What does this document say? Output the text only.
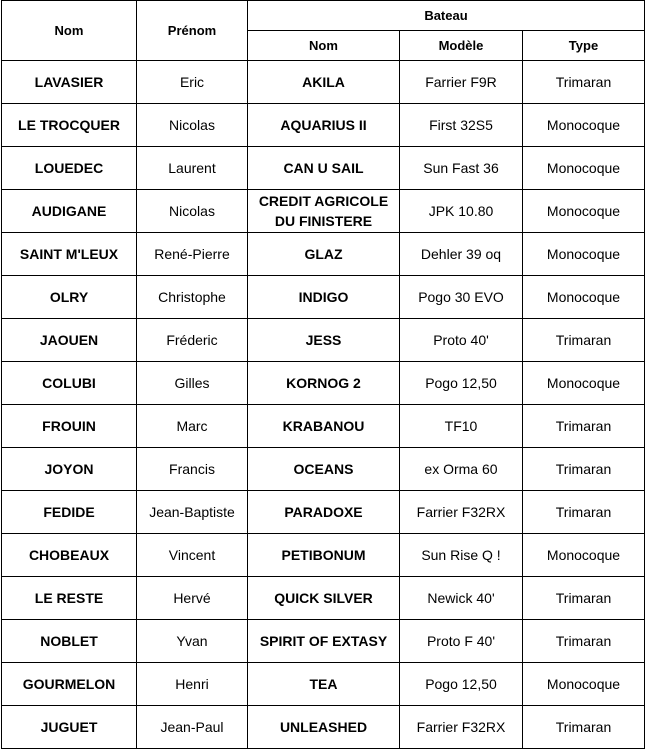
Nom	Prénom	Bateau		
		Nom	Modèle	Type
LAVASIER	Eric	AKILA	Farrier F9R	Trimaran
LE TROCQUER	Nicolas	AQUARIUS II	First 32S5	Monocoque
LOUEDEC	Laurent	CAN U SAIL	Sun Fast 36	Monocoque
AUDIGANE	Nicolas	CREDIT AGRICOLE DU FINISTERE	JPK 10.80	Monocoque
SAINT M'LEUX	René-Pierre	GLAZ	Dehler 39 oq	Monocoque
OLRY	Christophe	INDIGO	Pogo 30 EVO	Monocoque
JAOUEN	Fréderic	JESS	Proto 40'	Trimaran
COLUBI	Gilles	KORNOG 2	Pogo 12,50	Monocoque
FROUIN	Marc	KRABANOU	TF10	Trimaran
JOYON	Francis	OCEANS	ex Orma 60	Trimaran
FEDIDE	Jean-Baptiste	PARADOXE	Farrier F32RX	Trimaran
CHOBEAUX	Vincent	PETIBONUM	Sun Rise Q !	Monocoque
LE RESTE	Hervé	QUICK SILVER	Newick 40'	Trimaran
NOBLET	Yvan	SPIRIT OF EXTASY	Proto F 40'	Trimaran
GOURMELON	Henri	TEA	Pogo 12,50	Monocoque
JUGUET	Jean-Paul	UNLEASHED	Farrier F32RX	Trimaran
